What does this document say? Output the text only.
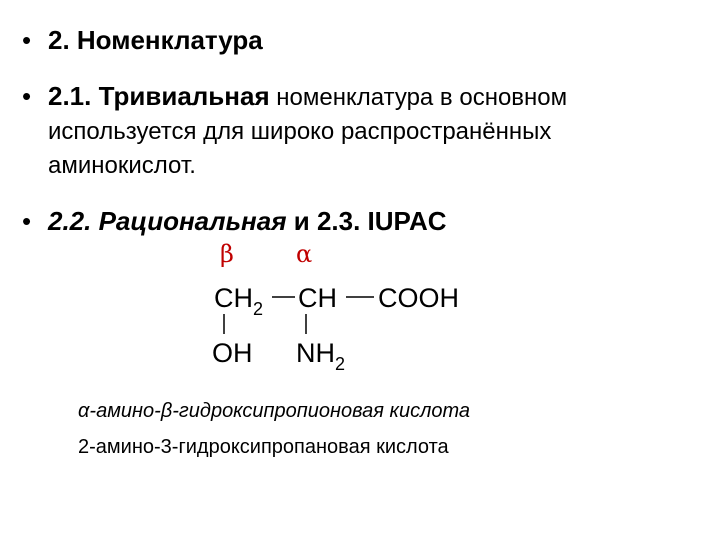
• 2. Номенклатура
• 2.1. Тривиальная номенклатура в основном используется для широко распространённых аминокислот.
• 2.2. Рациональная и 2.3. IUPAC
β	α
$CH_2$ CH COOH
OH $NH_2$
α-амино-β-гидроксипропионовая кислота
2-амино-3-гидроксипропановая кислота
